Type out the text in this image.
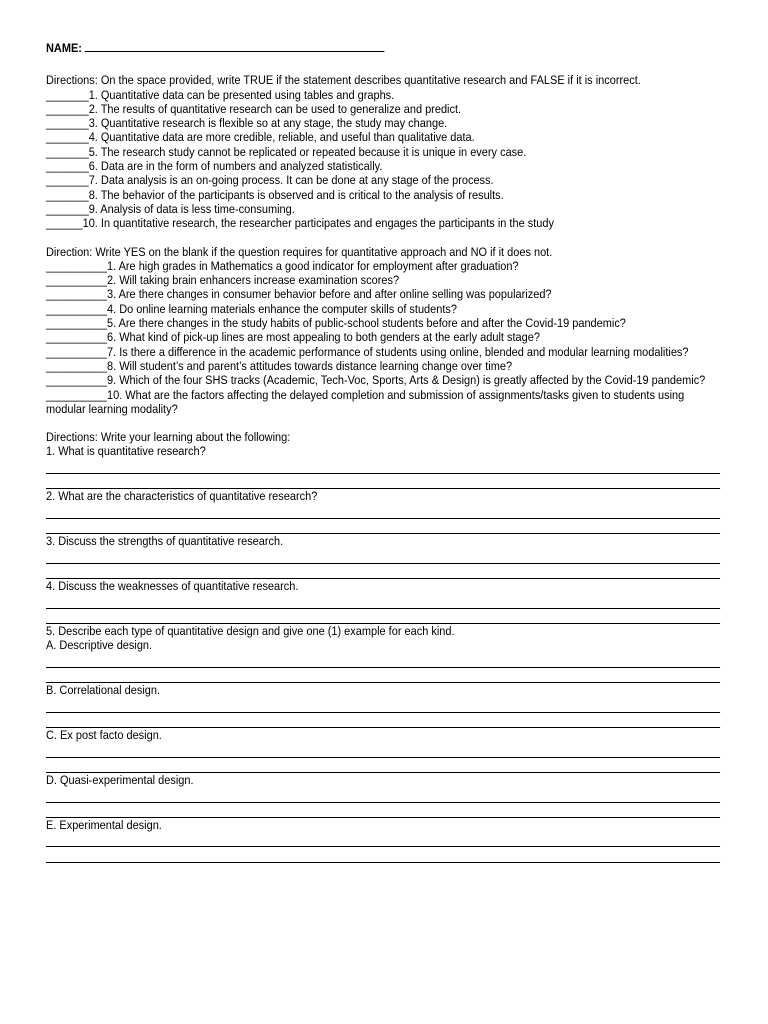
NAME:
Directions: On the space provided, write TRUE if the statement describes quantitative research and FALSE if it is incorrect.
_______1. Quantitative data can be presented using tables and graphs.
_______2. The results of quantitative research can be used to generalize and predict.
_______3. Quantitative research is flexible so at any stage, the study may change.
_______4. Quantitative data are more credible, reliable, and useful than qualitative data.
_______5. The research study cannot be replicated or repeated because it is unique in every case.
_______6. Data are in the form of numbers and analyzed statistically.
_______7. Data analysis is an on-going process. It can be done at any stage of the process.
_______8. The behavior of the participants is observed and is critical to the analysis of results.
_______9. Analysis of data is less time-consuming.
______10. In quantitative research, the researcher participates and engages the participants in the study
Direction: Write YES on the blank if the question requires for quantitative approach and NO if it does not.
__________1. Are high grades in Mathematics a good indicator for employment after graduation?
__________2. Will taking brain enhancers increase examination scores?
__________3. Are there changes in consumer behavior before and after online selling was popularized?
__________4. Do online learning materials enhance the computer skills of students?
__________5. Are there changes in the study habits of public-school students before and after the Covid-19 pandemic?
__________6. What kind of pick-up lines are most appealing to both genders at the early adult stage?
__________7. Is there a difference in the academic performance of students using online, blended and modular learning modalities?
__________8. Will student’s and parent’s attitudes towards distance learning change over time?
__________9. Which of the four SHS tracks (Academic, Tech-Voc, Sports, Arts & Design) is greatly affected by the Covid-19 pandemic?
__________10. What are the factors affecting the delayed completion and submission of assignments/tasks given to students using modular learning modality?
Directions: Write your learning about the following:
1. What is quantitative research?
2. What are the characteristics of quantitative research?
3. Discuss the strengths of quantitative research.
4. Discuss the weaknesses of quantitative research.
5. Describe each type of quantitative design and give one (1) example for each kind.
A. Descriptive design.
B. Correlational design.
C. Ex post facto design.
D. Quasi-experimental design.
E. Experimental design.
